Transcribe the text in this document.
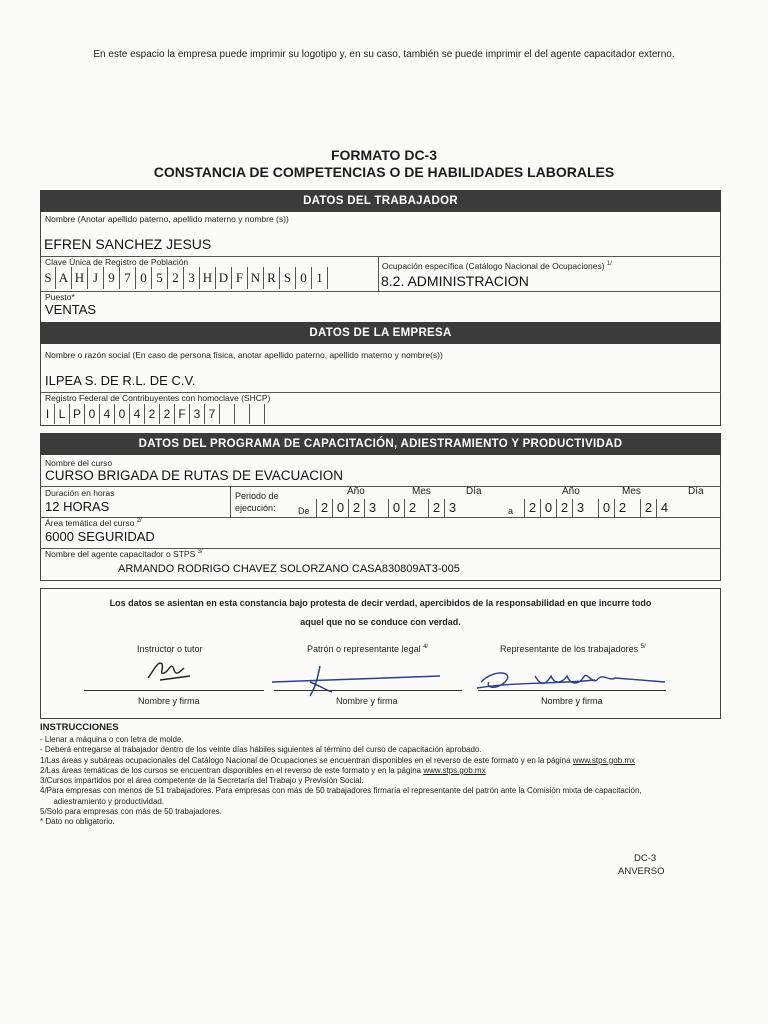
En este espacio la empresa puede imprimir su logotipo y, en su caso, también se puede imprimir el del agente capacitador externo.
FORMATO DC-3
CONSTANCIA DE COMPETENCIAS O DE HABILIDADES LABORALES
DATOS DEL TRABAJADOR
Nombre (Anotar apellido paterno, apellido materno y nombre (s))
EFREN SANCHEZ JESUS
Clave Única de Registro de Población
S A H J 9 7 0 5 2 3 H D F N R S 0 1
Ocupación específica (Catálogo Nacional de Ocupaciones) $^{1/}$
8.2. ADMINISTRACION
Puesto*
VENTAS
DATOS DE LA EMPRESA
Nombre o razón social (En caso de persona física, anotar apellido paterno, apellido materno y nombre(s))
ILPEA S. DE R.L. DE C.V.
Registro Federal de Contribuyentes con homoclave (SHCP)
I L P 0 4 0 4 2 2 F 3 7
DATOS DEL PROGRAMA DE CAPACITACIÓN, ADIESTRAMIENTO Y PRODUCTIVIDAD
Nombre del curso
CURSO BRIGADA DE RUTAS DE EVACUACION
Duración en horas
12 HORAS
Periodo de
ejecución: De
Año	Mes	Día
2 0 2 3	0 2	2 3	a
Año	Mes	Día
2 0 2 3	0 2	2 4
Área temática del curso $^{2/}$
6000 SEGURIDAD
Nombre del agente capacitador o STPS $^{3/}$
ARMANDO RODRIGO CHAVEZ SOLORZANO CASA830809AT3-005
Los datos se asientan en esta constancia bajo protesta de decir verdad, apercibidos de la responsabilidad en que incurre todo
aquel que no se conduce con verdad.
Instructor o tutor	Patrón o representante legal $^{4/}$	Representante de los trabajadores $^{5/}$
Nombre y firma	Nombre y firma	Nombre y firma
INSTRUCCIONES
- Llenar a máquina o con letra de molde.
- Deberá entregarse al trabajador dentro de los veinte días hábiles siguientes al término del curso de capacitación aprobado.
1/Las áreas y subáreas ocupacionales del Catálogo Nacional de Ocupaciones se encuentran disponibles en el reverso de este formato y en la página www.stps.gob.mx
2/Las áreas temáticas de los cursos se encuentran disponibles en el reverso de este formato y en la página www.stps.gob.mx
3/Cursos impartidos por el área competente de la Secretaría del Trabajo y Previsión Social.
4/Para empresas con menos de 51 trabajadores. Para empresas con más de 50 trabajadores firmaría el representante del patrón ante la Comisión mixta de capacitación,
adiestramiento y productividad.
5/Solo para empresas con más de 50 trabajadores.
* Dato no obligatorio.
DC-3
ANVERSO
